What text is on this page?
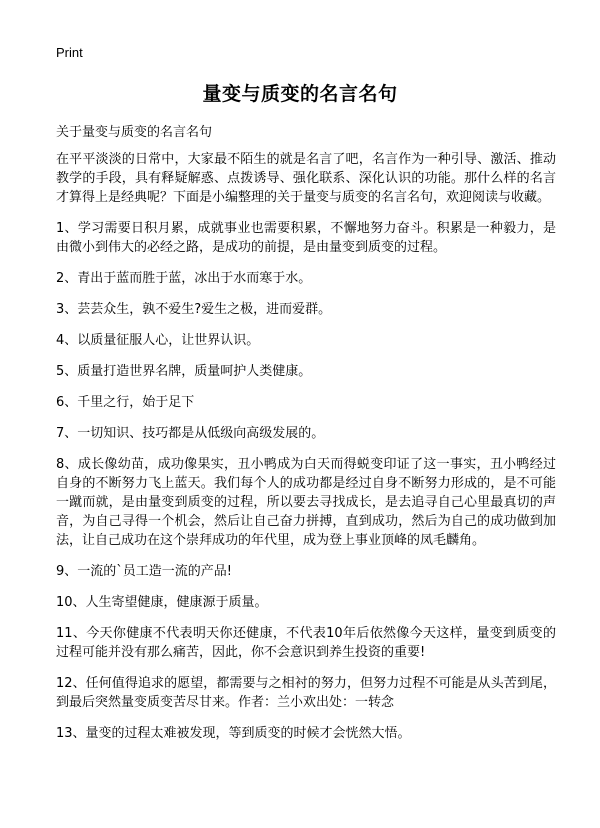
Print
量变与质变的名言名句
关于量变与质变的名言名句

在平平淡淡的日常中，大家最不陌生的就是名言了吧，名言作为一种引导、激活、推动教学的手段，具有释疑解惑、点拨诱导、强化联系、深化认识的功能。那什么样的名言才算得上是经典呢？下面是小编整理的关于量变与质变的名言名句，欢迎阅读与收藏。

1、学习需要日积月累，成就事业也需要积累，不懈地努力奋斗。积累是一种毅力，是由微小到伟大的必经之路，是成功的前提，是由量变到质变的过程。

2、青出于蓝而胜于蓝，冰出于水而寒于水。

3、芸芸众生，孰不爱生?爱生之极，进而爱群。

4、以质量征服人心，让世界认识。

5、质量打造世界名牌，质量呵护人类健康。

6、千里之行，始于足下

7、一切知识、技巧都是从低级向高级发展的。

8、成长像幼苗，成功像果实，丑小鸭成为白天而得蜕变印证了这一事实，丑小鸭经过自身的不断努力飞上蓝天。我们每个人的成功都是经过自身不断努力形成的，是不可能一蹴而就，是由量变到质变的过程，所以要去寻找成长，是去追寻自己心里最真切的声音，为自己寻得一个机会，然后让自己奋力拼搏，直到成功，然后为自己的成功做到加法，让自己成功在这个崇拜成功的年代里，成为登上事业顶峰的凤毛麟角。

9、一流的`员工造一流的产品!

10、人生寄望健康，健康源于质量。

11、今天你健康不代表明天你还健康，不代表10年后依然像今天这样，量变到质变的过程可能并没有那么痛苦，因此，你不会意识到养生投资的重要!

12、任何值得追求的愿望，都需要与之相衬的努力，但努力过程不可能是从头苦到尾，到最后突然量变质变苦尽甘来。作者：兰小欢出处：一转念

13、量变的过程太难被发现，等到质变的时候才会恍然大悟。
